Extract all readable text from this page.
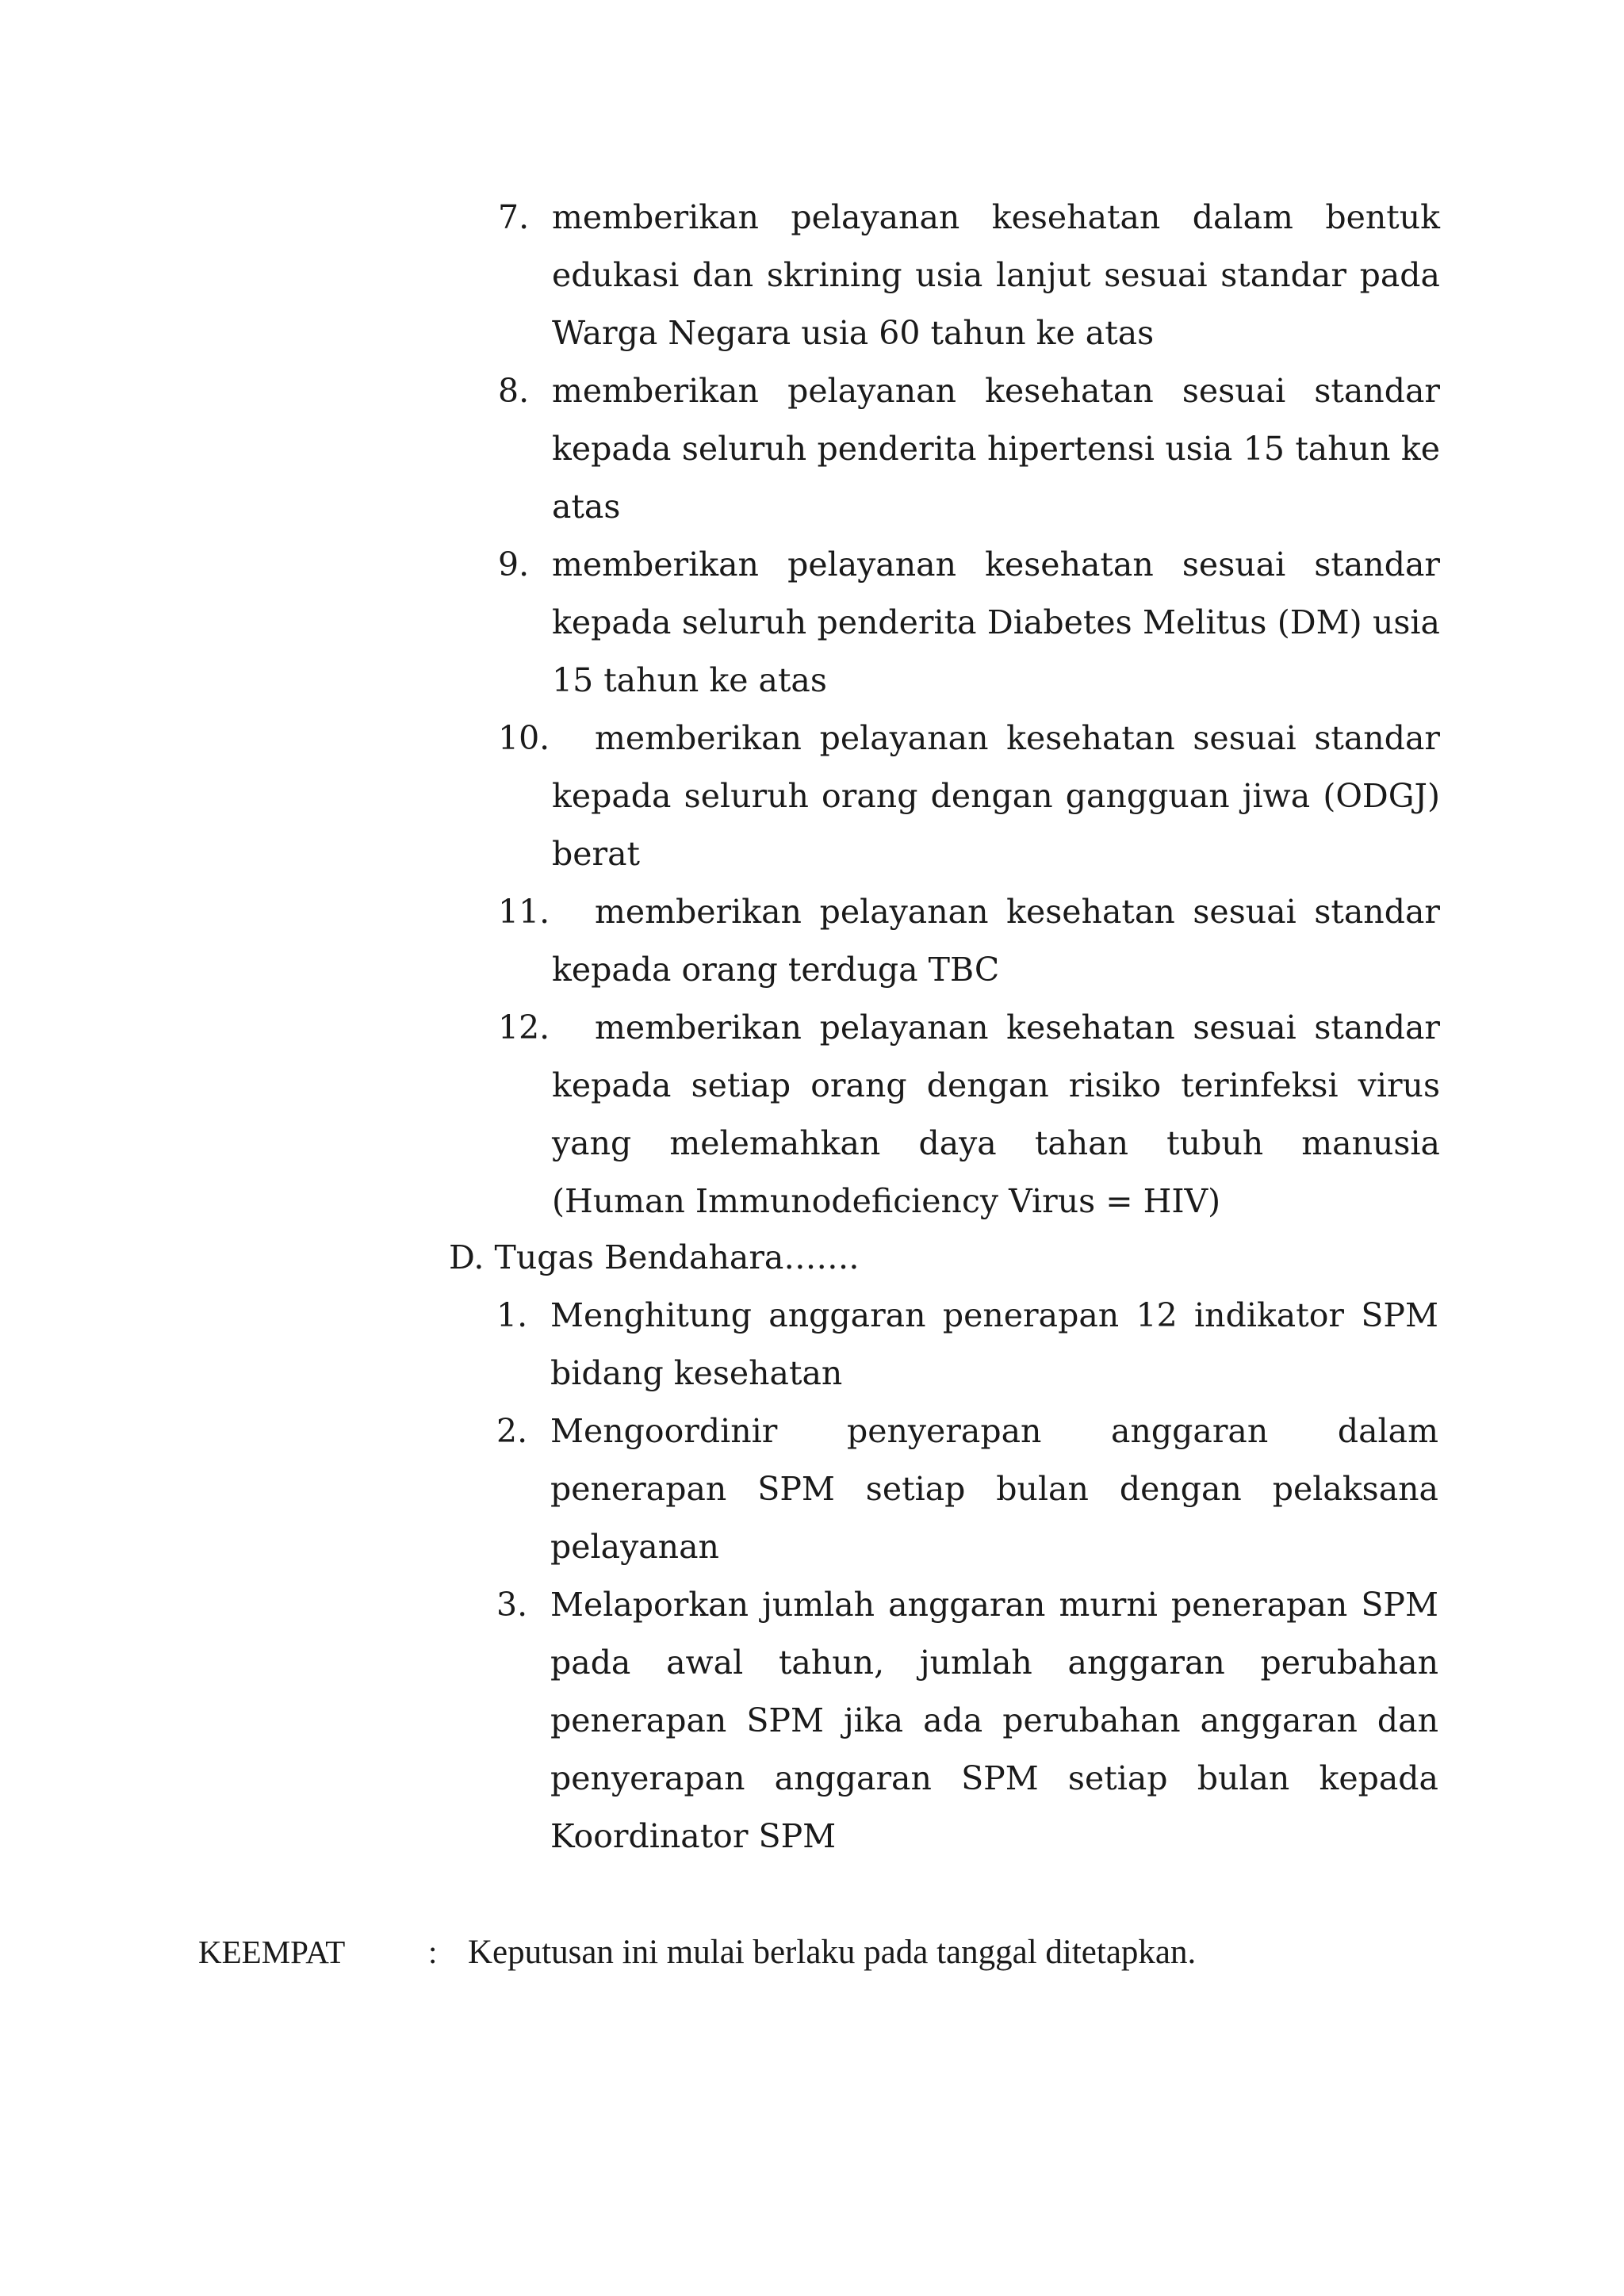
7. memberikan pelayanan kesehatan dalam bentuk edukasi dan skrining usia lanjut sesuai standar pada Warga Negara usia 60 tahun ke atas
8. memberikan pelayanan kesehatan sesuai standar kepada seluruh penderita hipertensi usia 15 tahun ke atas
9. memberikan pelayanan kesehatan sesuai standar kepada seluruh penderita Diabetes Melitus (DM) usia 15 tahun ke atas
10.	memberikan pelayanan kesehatan sesuai standar kepada seluruh orang dengan gangguan jiwa (ODGJ) berat
11.	memberikan pelayanan kesehatan sesuai standar kepada orang terduga TBC
12.	memberikan pelayanan kesehatan sesuai standar kepada setiap orang dengan risiko terinfeksi virus yang melemahkan daya tahan tubuh manusia (Human Immunodeficiency Virus = HIV)
D. Tugas Bendahara…….
1. Menghitung anggaran penerapan 12 indikator SPM bidang kesehatan
2. Mengoordinir penyerapan anggaran dalam penerapan SPM setiap bulan dengan pelaksana pelayanan
3. Melaporkan jumlah anggaran murni penerapan SPM pada awal tahun, jumlah anggaran perubahan penerapan SPM jika ada perubahan anggaran dan penyerapan anggaran SPM setiap bulan kepada Koordinator SPM
KEEMPAT	: Keputusan ini mulai berlaku pada tanggal ditetapkan.
